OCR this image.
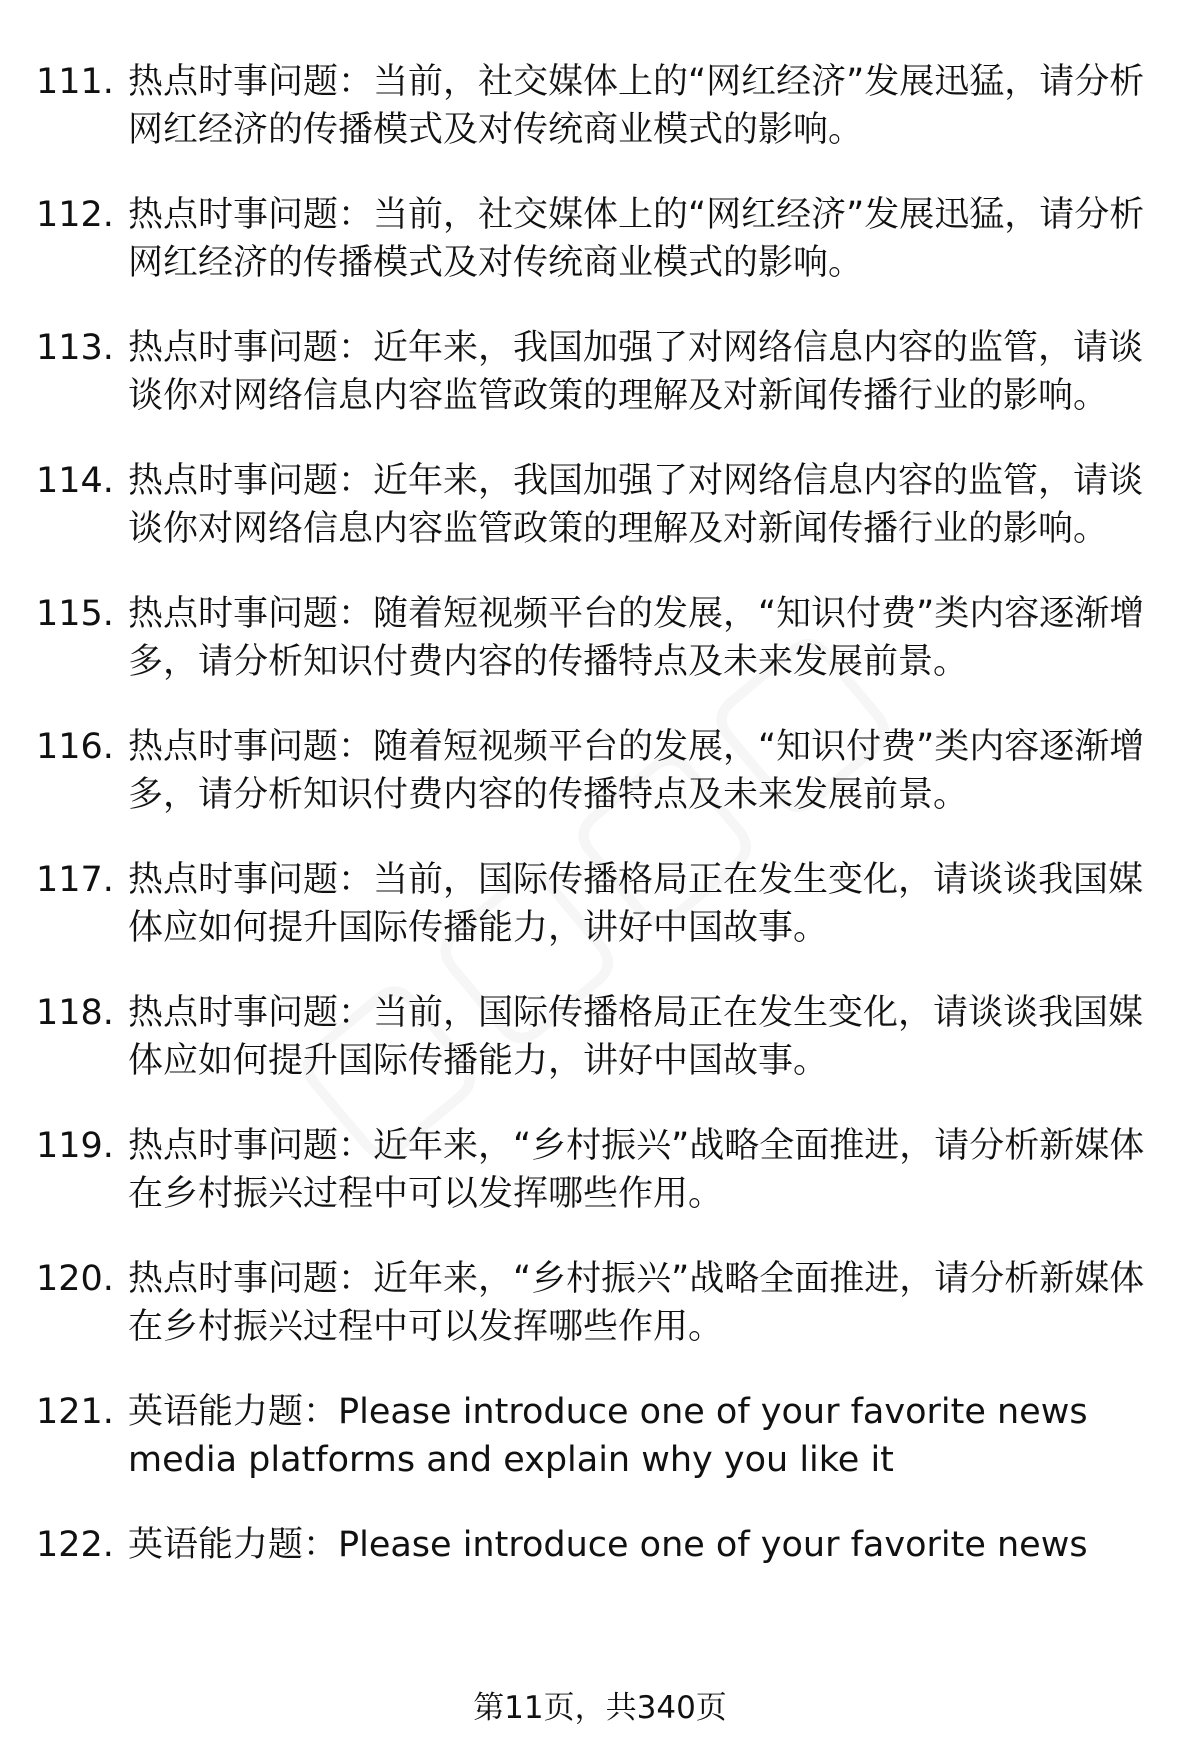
111. 热点时事问题：当前，社交媒体上的“网红经济”发展迅猛，请分析网红经济的传播模式及对传统商业模式的影响。
112. 热点时事问题：当前，社交媒体上的“网红经济”发展迅猛，请分析网红经济的传播模式及对传统商业模式的影响。
113. 热点时事问题：近年来，我国加强了对网络信息内容的监管，请谈谈你对网络信息内容监管政策的理解及对新闻传播行业的影响。
114. 热点时事问题：近年来，我国加强了对网络信息内容的监管，请谈谈你对网络信息内容监管政策的理解及对新闻传播行业的影响。
115. 热点时事问题：随着短视频平台的发展，“知识付费”类内容逐渐增多，请分析知识付费内容的传播特点及未来发展前景。
116. 热点时事问题：随着短视频平台的发展，“知识付费”类内容逐渐增多，请分析知识付费内容的传播特点及未来发展前景。
117. 热点时事问题：当前，国际传播格局正在发生变化，请谈谈我国媒体应如何提升国际传播能力，讲好中国故事。
118. 热点时事问题：当前，国际传播格局正在发生变化，请谈谈我国媒体应如何提升国际传播能力，讲好中国故事。
119. 热点时事问题：近年来，“乡村振兴”战略全面推进，请分析新媒体在乡村振兴过程中可以发挥哪些作用。
120. 热点时事问题：近年来，“乡村振兴”战略全面推进，请分析新媒体在乡村振兴过程中可以发挥哪些作用。
121. 英语能力题：Please introduce one of your favorite news media platforms and explain why you like it
122. 英语能力题：Please introduce one of your favorite news
第11页，共340页
